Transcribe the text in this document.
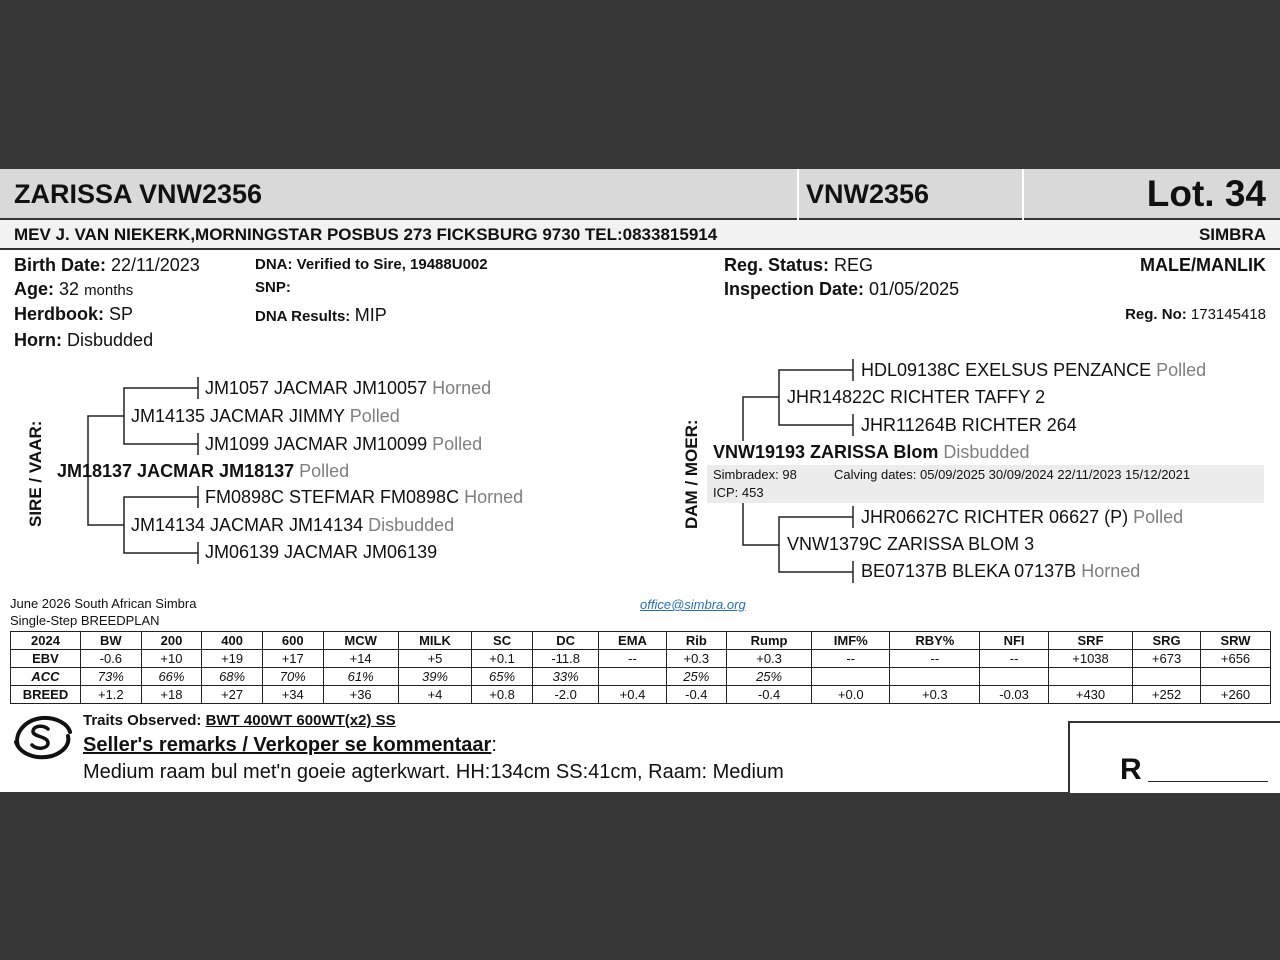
ZARISSA VNW2356	VNW2356	Lot. 34
MEV J. VAN NIEKERK,MORNINGSTAR POSBUS 273 FICKSBURG 9730 TEL:0833815914	SIMBRA
Birth Date: 22/11/2023
Age: 32 months
Herdbook: SP
Horn: Disbudded
DNA: Verified to Sire, 19488U002
SNP:
DNA Results: MIP
Reg. Status: REG
Inspection Date: 01/05/2025
MALE/MANLIK
Reg. No: 173145418
SIRE / VAAR: JM18137 JACMAR JM18137 Polled
JM14135 JACMAR JIMMY Polled
JM1057 JACMAR JM10057 Horned
JM1099 JACMAR JM10099 Polled
JM14134 JACMAR JM14134 Disbudded
FM0898C STEFMAR FM0898C Horned
JM06139 JACMAR JM06139
DAM / MOER:
HDL09138C EXELSUS PENZANCE Polled
JHR14822C RICHTER TAFFY 2
JHR11264B RICHTER 264
VNW19193 ZARISSA Blom Disbudded
Simbradex: 98	Calving dates: 05/09/2025 30/09/2024 22/11/2023 15/12/2021
ICP: 453
JHR06627C RICHTER 06627 (P) Polled
VNW1379C ZARISSA BLOM 3
BE07137B BLEKA 07137B Horned
June 2026 South African Simbra
Single-Step BREEDPLAN
office@simbra.org
2024	BW	200	400	600	MCW	MILK	SC	DC	EMA	Rib	Rump	IMF%	RBY%	NFI	SRF	SRG	SRW
EBV	-0.6	+10	+19	+17	+14	+5	+0.1	-11.8	--	+0.3	+0.3	--	--	--	+1038	+673	+656
ACC	73%	66%	68%	70%	61%	39%	65%	33%		25%	25%						
BREED	+1.2	+18	+27	+34	+36	+4	+0.8	-2.0	+0.4	-0.4	-0.4	+0.0	+0.3	-0.03	+430	+252	+260
Traits Observed: BWT 400WT 600WT(x2) SS
Seller's remarks / Verkoper se kommentaar:
Medium raam bul met'n goeie agterkwart. HH:134cm SS:41cm, Raam: Medium	R
